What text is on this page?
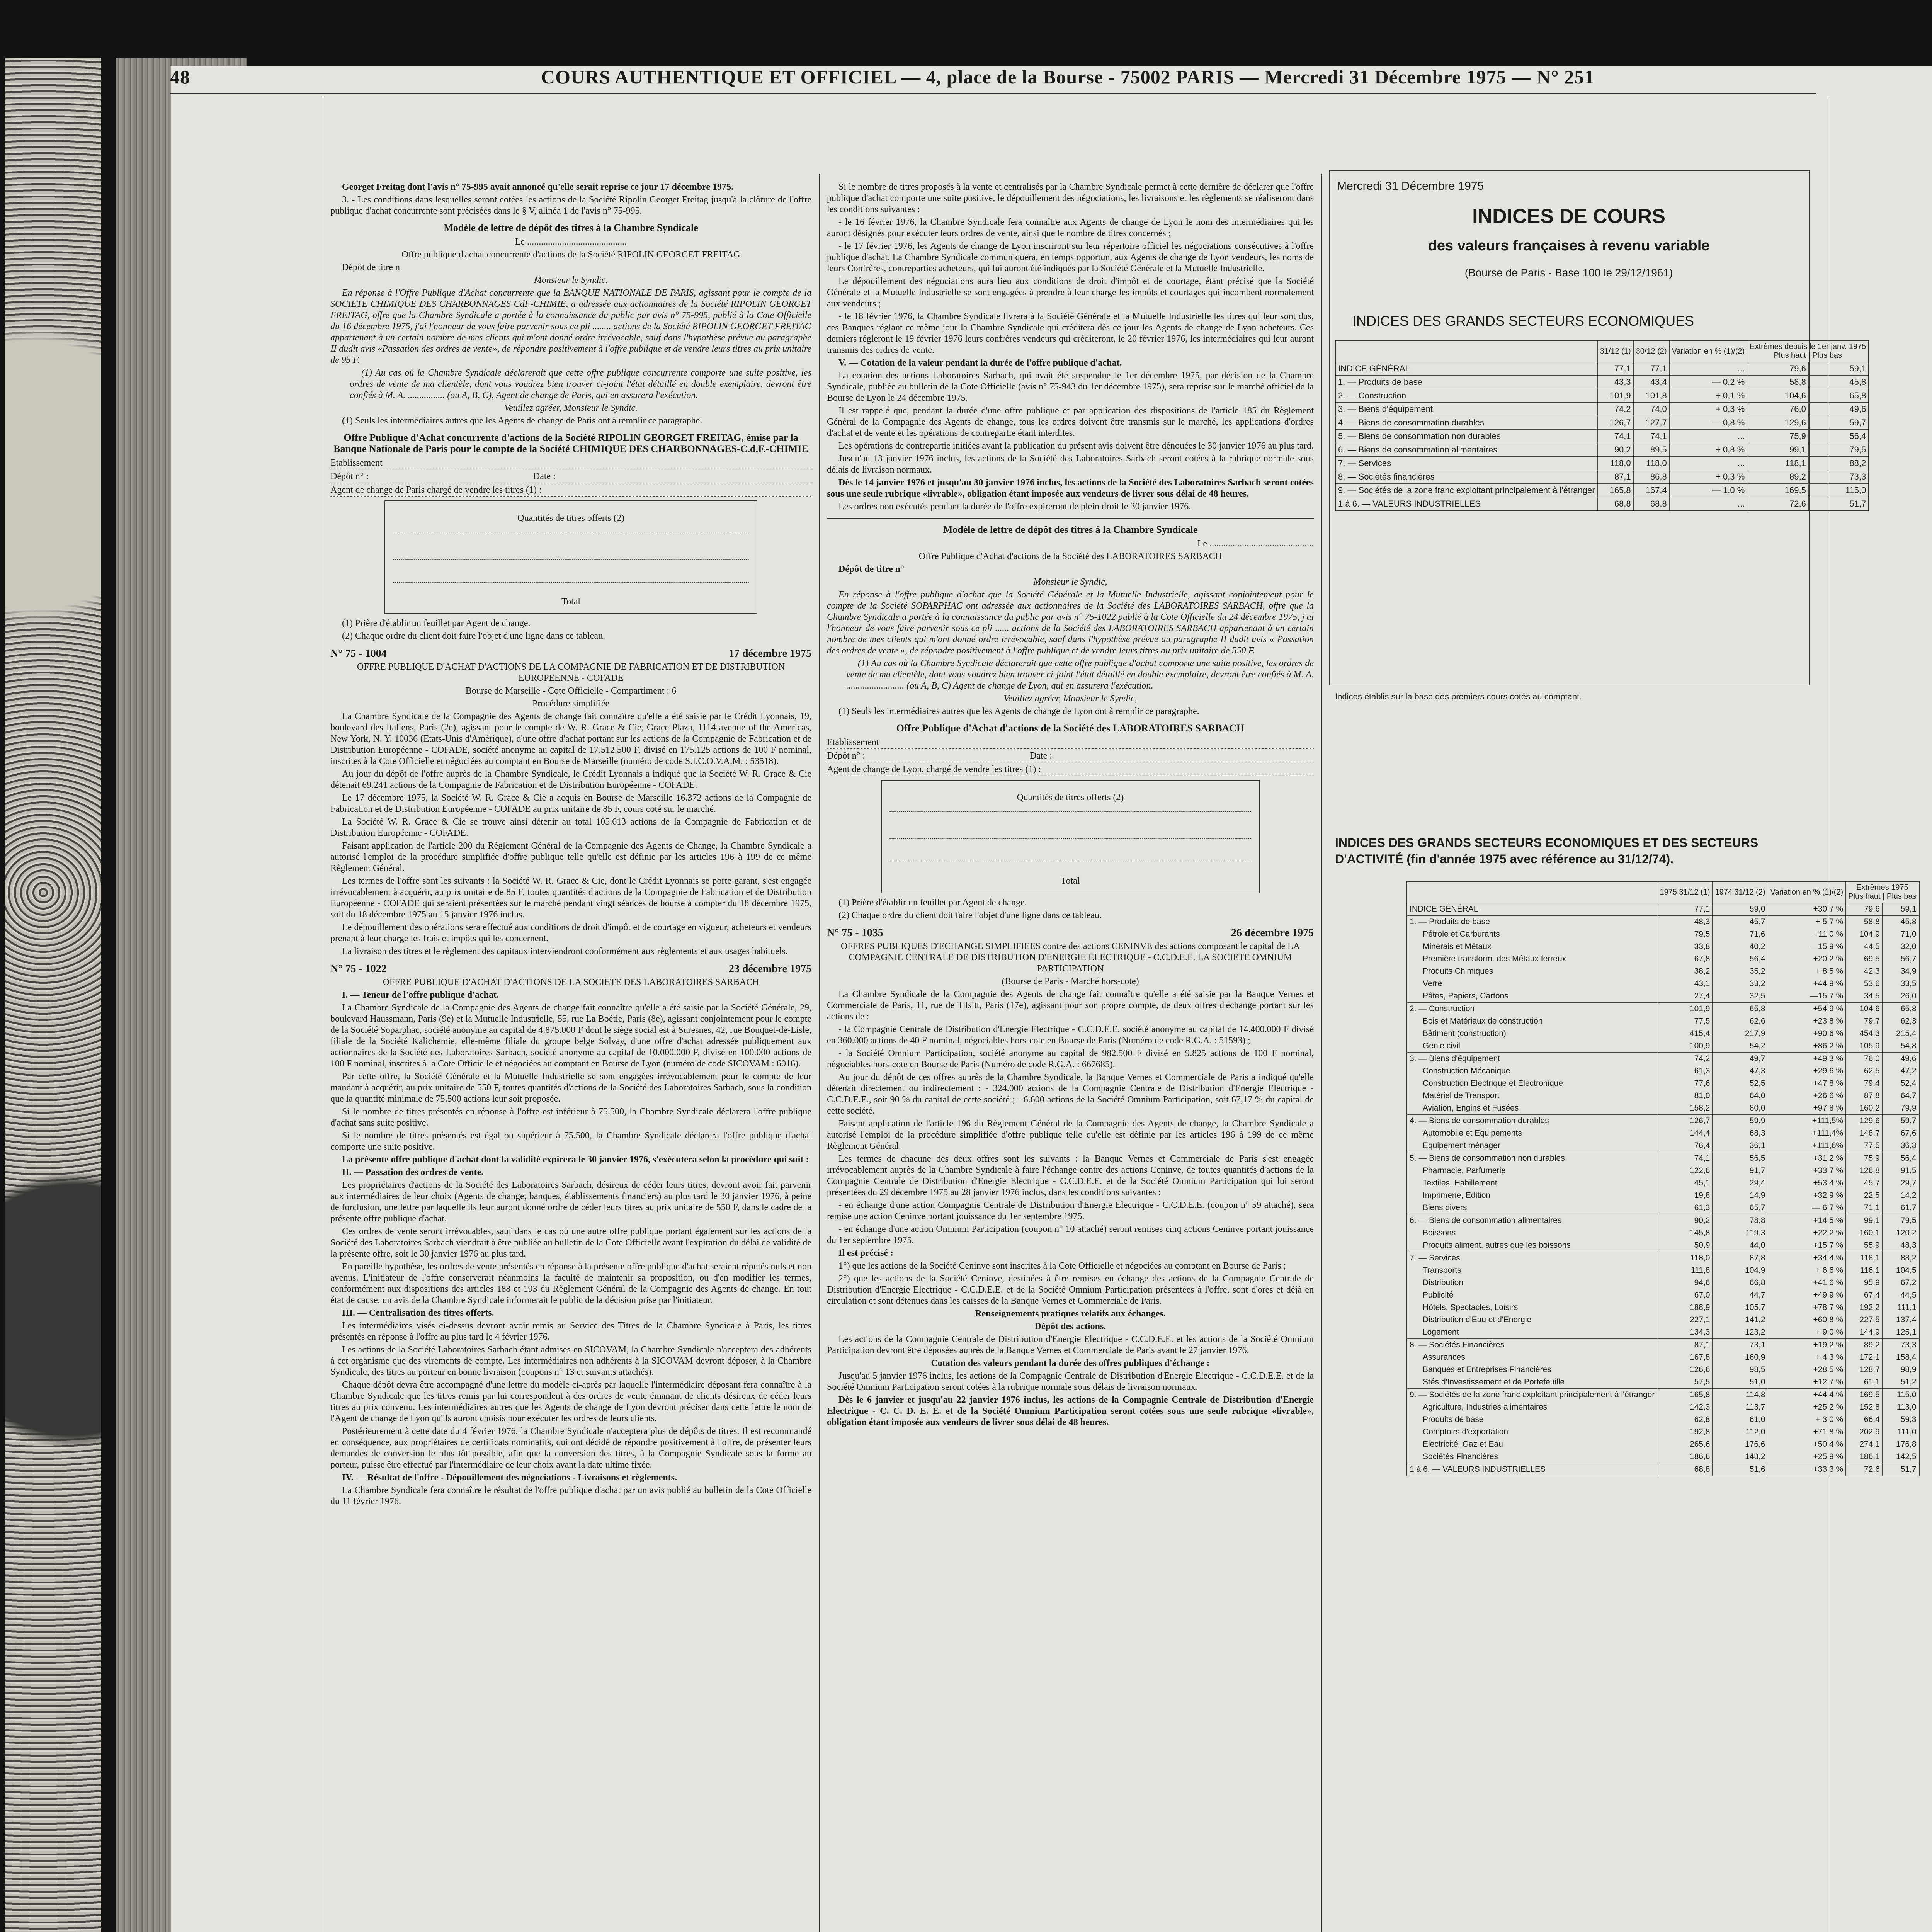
48	COURS AUTHENTIQUE ET OFFICIEL — 4, place de la Bourse - 75002 PARIS — Mercredi 31 Décembre 1975 — N° 251

Georget Freitag dont l'avis n° 75-995 avait annoncé qu'elle serait reprise ce jour 17 décembre 1975.

3. - Les conditions dans lesquelles seront cotées les actions de la Société Ripolin Georget Freitag jusqu'à la clôture de l'offre publique d'achat concurrente sont précisées dans le § V, alinéa 1 de l'avis n° 75-995.

Modèle de lettre de dépôt des titres à la Chambre Syndicale

Le ...........................................

Offre publique d'achat concurrente d'actions de la Société RIPOLIN GEORGET FREITAG

Dépôt de titre n

Monsieur le Syndic,

En réponse à l'Offre Publique d'Achat concurrente que la BANQUE NATIONALE DE PARIS, agissant pour le compte de la SOCIETE CHIMIQUE DES CHARBONNAGES CdF-CHIMIE, a adressée aux actionnaires de la Société RIPOLIN GEORGET FREITAG, offre que la Chambre Syndicale a portée à la connaissance du public par avis n° 75-995, publié à la Cote Officielle du 16 décembre 1975, j'ai l'honneur de vous faire parvenir sous ce pli ........ actions de la Société RIPOLIN GEORGET FREITAG appartenant à un certain nombre de mes clients qui m'ont donné ordre irrévocable, sauf dans l'hypothèse prévue au paragraphe II dudit avis «Passation des ordres de vente», de répondre positivement à l'offre publique et de vendre leurs titres au prix unitaire de 95 F.

(1) Au cas où la Chambre Syndicale déclarerait que cette offre publique concurrente comporte une suite positive, les ordres de vente de ma clientèle, dont vous voudrez bien trouver ci-joint l'état détaillé en double exemplaire, devront être confiés à M. A. ................ (ou A, B, C), Agent de change de Paris, qui en assurera l'exécution.

Veuillez agréer, Monsieur le Syndic.

(1) Seuls les intermédiaires autres que les Agents de change de Paris ont à remplir ce paragraphe.

Offre Publique d'Achat concurrente d'actions de la Société RIPOLIN GEORGET FREITAG, émise par la Banque Nationale de Paris pour le compte de la Société CHIMIQUE DES CHARBONNAGES-C.d.F.-CHIMIE
Etablissement
Dépôt n° :	Date :
Agent de change de Paris chargé de vendre les titres (1) :
Quantités de titres offerts (2)
Total

(1) Prière d'établir un feuillet par Agent de change.

(2) Chaque ordre du client doit faire l'objet d'une ligne dans ce tableau.

N° 75 - 1004	17 décembre 1975

OFFRE PUBLIQUE D'ACHAT D'ACTIONS DE LA COMPAGNIE DE FABRICATION ET DE DISTRIBUTION EUROPEENNE - COFADE

Bourse de Marseille - Cote Officielle - Compartiment : 6

Procédure simplifiée

La Chambre Syndicale de la Compagnie des Agents de change fait connaître qu'elle a été saisie par le Crédit Lyonnais, 19, boulevard des Italiens, Paris (2e), agissant pour le compte de W. R. Grace & Cie, Grace Plaza, 1114 avenue of the Americas, New York, N. Y. 10036 (Etats-Unis d'Amérique), d'une offre d'achat portant sur les actions de la Compagnie de Fabrication et de Distribution Européenne - COFADE, société anonyme au capital de 17.512.500 F, divisé en 175.125 actions de 100 F nominal, inscrites à la Cote Officielle et négociées au comptant en Bourse de Marseille (numéro de code S.I.C.O.V.A.M. : 53518).

Au jour du dépôt de l'offre auprès de la Chambre Syndicale, le Crédit Lyonnais a indiqué que la Société W. R. Grace & Cie détenait 69.241 actions de la Compagnie de Fabrication et de Distribution Européenne - COFADE.

Le 17 décembre 1975, la Société W. R. Grace & Cie a acquis en Bourse de Marseille 16.372 actions de la Compagnie de Fabrication et de Distribution Européenne - COFADE au prix unitaire de 85 F, cours coté sur le marché.

La Société W. R. Grace & Cie se trouve ainsi détenir au total 105.613 actions de la Compagnie de Fabrication et de Distribution Européenne - COFADE.

Faisant application de l'article 200 du Règlement Général de la Compagnie des Agents de Change, la Chambre Syndicale a autorisé l'emploi de la procédure simplifiée d'offre publique telle qu'elle est définie par les articles 196 à 199 de ce même Règlement Général.

Les termes de l'offre sont les suivants : la Société W. R. Grace & Cie, dont le Crédit Lyonnais se porte garant, s'est engagée irrévocablement à acquérir, au prix unitaire de 85 F, toutes quantités d'actions de la Compagnie de Fabrication et de Distribution Européenne - COFADE qui seraient présentées sur le marché pendant vingt séances de bourse à compter du 18 décembre 1975, soit du 18 décembre 1975 au 15 janvier 1976 inclus.

Le dépouillement des opérations sera effectué aux conditions de droit d'impôt et de courtage en vigueur, acheteurs et vendeurs prenant à leur charge les frais et impôts qui les concernent.

La livraison des titres et le règlement des capitaux interviendront conformément aux règlements et aux usages habituels.

N° 75 - 1022	23 décembre 1975

OFFRE PUBLIQUE D'ACHAT D'ACTIONS DE LA SOCIETE DES LABORATOIRES SARBACH

I. — Teneur de l'offre publique d'achat.

La Chambre Syndicale de la Compagnie des Agents de change fait connaître qu'elle a été saisie par la Société Générale, 29, boulevard Haussmann, Paris (9e) et la Mutuelle Industrielle, 55, rue La Boétie, Paris (8e), agissant conjointement pour le compte de la Société Soparphac, société anonyme au capital de 4.875.000 F dont le siège social est à Suresnes, 42, rue Bouquet-de-Lisle, filiale de la Société Kalichemie, elle-même filiale du groupe belge Solvay, d'une offre d'achat adressée publiquement aux actionnaires de la Société des Laboratoires Sarbach, société anonyme au capital de 10.000.000 F, divisé en 100.000 actions de 100 F nominal, inscrites à la Cote Officielle et négociées au comptant en Bourse de Lyon (numéro de code SICOVAM : 6016).

Par cette offre, la Société Générale et la Mutuelle Industrielle se sont engagées irrévocablement pour le compte de leur mandant à acquérir, au prix unitaire de 550 F, toutes quantités d'actions de la Société des Laboratoires Sarbach, sous la condition que la quantité minimale de 75.500 actions leur soit proposée.

Si le nombre de titres présentés en réponse à l'offre est inférieur à 75.500, la Chambre Syndicale déclarera l'offre publique d'achat sans suite positive.

Si le nombre de titres présentés est égal ou supérieur à 75.500, la Chambre Syndicale déclarera l'offre publique d'achat comporte une suite positive.

La présente offre publique d'achat dont la validité expirera le 30 janvier 1976, s'exécutera selon la procédure qui suit :

II. — Passation des ordres de vente.

Les propriétaires d'actions de la Société des Laboratoires Sarbach, désireux de céder leurs titres, devront avoir fait parvenir aux intermédiaires de leur choix (Agents de change, banques, établissements financiers) au plus tard le 30 janvier 1976, à peine de forclusion, une lettre par laquelle ils leur auront donné ordre de céder leurs titres au prix unitaire de 550 F, dans le cadre de la présente offre publique d'achat.

Ces ordres de vente seront irrévocables, sauf dans le cas où une autre offre publique portant également sur les actions de la Société des Laboratoires Sarbach viendrait à être publiée au bulletin de la Cote Officielle avant l'expiration du délai de validité de la présente offre, soit le 30 janvier 1976 au plus tard.

En pareille hypothèse, les ordres de vente présentés en réponse à la présente offre publique d'achat seraient réputés nuls et non avenus. L'initiateur de l'offre conserverait néanmoins la faculté de maintenir sa proposition, ou d'en modifier les termes, conformément aux dispositions des articles 188 et 193 du Règlement Général de la Compagnie des Agents de change. En tout état de cause, un avis de la Chambre Syndicale informerait le public de la décision prise par l'initiateur.

III. — Centralisation des titres offerts.

Les intermédiaires visés ci-dessus devront avoir remis au Service des Titres de la Chambre Syndicale à Paris, les titres présentés en réponse à l'offre au plus tard le 4 février 1976.

Les actions de la Société Laboratoires Sarbach étant admises en SICOVAM, la Chambre Syndicale n'acceptera des adhérents à cet organisme que des virements de compte. Les intermédiaires non adhérents à la SICOVAM devront déposer, à la Chambre Syndicale, des titres au porteur en bonne livraison (coupons n° 13 et suivants attachés).

Chaque dépôt devra être accompagné d'une lettre du modèle ci-après par laquelle l'intermédiaire déposant fera connaître à la Chambre Syndicale que les titres remis par lui correspondent à des ordres de vente émanant de clients désireux de céder leurs titres au prix convenu. Les intermédiaires autres que les Agents de change de Lyon devront préciser dans cette lettre le nom de l'Agent de change de Lyon qu'ils auront choisis pour exécuter les ordres de leurs clients.

Postérieurement à cette date du 4 février 1976, la Chambre Syndicale n'acceptera plus de dépôts de titres. Il est recommandé en conséquence, aux propriétaires de certificats nominatifs, qui ont décidé de répondre positivement à l'offre, de présenter leurs demandes de conversion le plus tôt possible, afin que la conversion des titres, à la Compagnie Syndicale sous la forme au porteur, puisse être effectué par l'intermédiaire de leur choix avant la date ultime fixée.

IV. — Résultat de l'offre - Dépouillement des négociations - Livraisons et règlements.

La Chambre Syndicale fera connaître le résultat de l'offre publique d'achat par un avis publié au bulletin de la Cote Officielle du 11 février 1976.

Si le nombre de titres proposés à la vente et centralisés par la Chambre Syndicale permet à cette dernière de déclarer que l'offre publique d'achat comporte une suite positive, le dépouillement des négociations, les livraisons et les règlements se réaliseront dans les conditions suivantes :

- le 16 février 1976, la Chambre Syndicale fera connaître aux Agents de change de Lyon le nom des intermédiaires qui les auront désignés pour exécuter leurs ordres de vente, ainsi que le nombre de titres concernés ;

- le 17 février 1976, les Agents de change de Lyon inscriront sur leur répertoire officiel les négociations consécutives à l'offre publique d'achat. La Chambre Syndicale communiquera, en temps opportun, aux Agents de change de Lyon vendeurs, les noms de leurs Confrères, contreparties acheteurs, qui lui auront été indiqués par la Société Générale et la Mutuelle Industrielle.

Le dépouillement des négociations aura lieu aux conditions de droit d'impôt et de courtage, étant précisé que la Société Générale et la Mutuelle Industrielle se sont engagées à prendre à leur charge les impôts et courtages qui incombent normalement aux vendeurs ;

- le 18 février 1976, la Chambre Syndicale livrera à la Société Générale et la Mutuelle Industrielle les titres qui leur sont dus, ces Banques réglant ce même jour la Chambre Syndicale qui créditera dès ce jour les Agents de change de Lyon acheteurs. Ces derniers régleront le 19 février 1976 leurs confrères vendeurs qui créditeront, le 20 février 1976, les intermédiaires qui leur auront transmis des ordres de vente.

V. — Cotation de la valeur pendant la durée de l'offre publique d'achat.

La cotation des actions Laboratoires Sarbach, qui avait été suspendue le 1er décembre 1975, par décision de la Chambre Syndicale, publiée au bulletin de la Cote Officielle (avis n° 75-943 du 1er décembre 1975), sera reprise sur le marché officiel de la Bourse de Lyon le 24 décembre 1975.

Il est rappelé que, pendant la durée d'une offre publique et par application des dispositions de l'article 185 du Règlement Général de la Compagnie des Agents de change, tous les ordres doivent être transmis sur le marché, les applications d'ordres d'achat et de vente et les opérations de contrepartie étant interdites.

Les opérations de contrepartie initiées avant la publication du présent avis doivent être dénouées le 30 janvier 1976 au plus tard.

Jusqu'au 13 janvier 1976 inclus, les actions de la Société des Laboratoires Sarbach seront cotées à la rubrique normale sous délais de livraison normaux.

Dès le 14 janvier 1976 et jusqu'au 30 janvier 1976 inclus, les actions de la Société des Laboratoires Sarbach seront cotées sous une seule rubrique «livrable», obligation étant imposée aux vendeurs de livrer sous délai de 48 heures.

Les ordres non exécutés pendant la durée de l'offre expireront de plein droit le 30 janvier 1976.

Modèle de lettre de dépôt des titres à la Chambre Syndicale

Le .............................................

Offre Publique d'Achat d'actions de la Société des LABORATOIRES SARBACH

Dépôt de titre n°

Monsieur le Syndic,

En réponse à l'offre publique d'achat que la Société Générale et la Mutuelle Industrielle, agissant conjointement pour le compte de la Société SOPARPHAC ont adressée aux actionnaires de la Société des LABORATOIRES SARBACH, offre que la Chambre Syndicale a portée à la connaissance du public par avis n° 75-1022 publié à la Cote Officielle du 24 décembre 1975, j'ai l'honneur de vous faire parvenir sous ce pli ...... actions de la Société des LABORATOIRES SARBACH appartenant à un certain nombre de mes clients qui m'ont donné ordre irrévocable, sauf dans l'hypothèse prévue au paragraphe II dudit avis « Passation des ordres de vente », de répondre positivement à l'offre publique et de vendre leurs titres au prix unitaire de 550 F.

(1) Au cas où la Chambre Syndicale déclarerait que cette offre publique d'achat comporte une suite positive, les ordres de vente de ma clientèle, dont vous voudrez bien trouver ci-joint l'état détaillé en double exemplaire, devront être confiés à M. A. ......................... (ou A, B, C) Agent de change de Lyon, qui en assurera l'exécution.

Veuillez agréer, Monsieur le Syndic,

(1) Seuls les intermédiaires autres que les Agents de change de Lyon ont à remplir ce paragraphe.

Offre Publique d'Achat d'actions de la Société des LABORATOIRES SARBACH
Etablissement
Dépôt n° :	Date :
Agent de change de Lyon, chargé de vendre les titres (1) :
Quantités de titres offerts (2)
Total

(1) Prière d'établir un feuillet par Agent de change.

(2) Chaque ordre du client doit faire l'objet d'une ligne dans ce tableau.

N° 75 - 1035	26 décembre 1975

OFFRES PUBLIQUES D'ECHANGE SIMPLIFIEES contre des actions CENINVE des actions composant le capital de LA COMPAGNIE CENTRALE DE DISTRIBUTION D'ENERGIE ELECTRIQUE - C.C.D.E.E. LA SOCIETE OMNIUM PARTICIPATION

(Bourse de Paris - Marché hors-cote)

La Chambre Syndicale de la Compagnie des Agents de change fait connaître qu'elle a été saisie par la Banque Vernes et Commerciale de Paris, 11, rue de Tilsitt, Paris (17e), agissant pour son propre compte, de deux offres d'échange portant sur les actions de :

- la Compagnie Centrale de Distribution d'Energie Electrique - C.C.D.E.E. société anonyme au capital de 14.400.000 F divisé en 360.000 actions de 40 F nominal, négociables hors-cote en Bourse de Paris (Numéro de code R.G.A. : 51593) ;

- la Société Omnium Participation, société anonyme au capital de 982.500 F divisé en 9.825 actions de 100 F nominal, négociables hors-cote en Bourse de Paris (Numéro de code R.G.A. : 667685).

Au jour du dépôt de ces offres auprès de la Chambre Syndicale, la Banque Vernes et Commerciale de Paris a indiqué qu'elle détenait directement ou indirectement : - 324.000 actions de la Compagnie Centrale de Distribution d'Energie Electrique - C.C.D.E.E., soit 90 % du capital de cette société ; - 6.600 actions de la Société Omnium Participation, soit 67,17 % du capital de cette société.

Faisant application de l'article 196 du Règlement Général de la Compagnie des Agents de change, la Chambre Syndicale a autorisé l'emploi de la procédure simplifiée d'offre publique telle qu'elle est définie par les articles 196 à 199 de ce même Règlement Général.

Les termes de chacune des deux offres sont les suivants : la Banque Vernes et Commerciale de Paris s'est engagée irrévocablement auprès de la Chambre Syndicale à faire l'échange contre des actions Ceninve, de toutes quantités d'actions de la Compagnie Centrale de Distribution d'Energie Electrique - C.C.D.E.E. et de la Société Omnium Participation qui lui seront présentées du 29 décembre 1975 au 28 janvier 1976 inclus, dans les conditions suivantes :

- en échange d'une action Compagnie Centrale de Distribution d'Energie Electrique - C.C.D.E.E. (coupon n° 59 attaché), sera remise une action Ceninve portant jouissance du 1er septembre 1975.

- en échange d'une action Omnium Participation (coupon n° 10 attaché) seront remises cinq actions Ceninve portant jouissance du 1er septembre 1975.

Il est précisé :

1°) que les actions de la Société Ceninve sont inscrites à la Cote Officielle et négociées au comptant en Bourse de Paris ;

2°) que les actions de la Société Ceninve, destinées à être remises en échange des actions de la Compagnie Centrale de Distribution d'Energie Electrique - C.C.D.E.E. et de la Société Omnium Participation présentées à l'offre, sont d'ores et déjà en circulation et sont détenues dans les caisses de la Banque Vernes et Commerciale de Paris.

Renseignements pratiques relatifs aux échanges.

Dépôt des actions.

Les actions de la Compagnie Centrale de Distribution d'Energie Electrique - C.C.D.E.E. et les actions de la Société Omnium Participation devront être déposées auprès de la Banque Vernes et Commerciale de Paris avant le 27 janvier 1976.

Cotation des valeurs pendant la durée des offres publiques d'échange :

Jusqu'au 5 janvier 1976 inclus, les actions de la Compagnie Centrale de Distribution d'Energie Electrique - C.C.D.E.E. et de la Société Omnium Participation seront cotées à la rubrique normale sous délais de livraison normaux.

Dès le 6 janvier et jusqu'au 22 janvier 1976 inclus, les actions de la Compagnie Centrale de Distribution d'Energie Electrique - C. C. D. E. E. et de la Société Omnium Participation seront cotées sous une seule rubrique «livrable», obligation étant imposée aux vendeurs de livrer sous délai de 48 heures.

Mercredi 31 Décembre 1975
INDICES DE COURS
des valeurs françaises à revenu variable
(Bourse de Paris - Base 100 le 29/12/1961)
INDICES DES GRANDS SECTEURS ECONOMIQUES
	31/12 (1)	30/12 (2)	Variation en % (1)/(2)	Extrêmes depuis le 1er janv. 1975
Plus haut | Plus bas	

INDICE GÉNÉRAL	77,1	77,1	...	79,6	59,1
1. — Produits de base	43,3	43,4	— 0,2 %	58,8	45,8
2. — Construction	101,9	101,8	+ 0,1 %	104,6	65,8
3. — Biens d'équipement	74,2	74,0	+ 0,3 %	76,0	49,6
4. — Biens de consommation durables	126,7	127,7	— 0,8 %	129,6	59,7
5. — Biens de consommation non durables	74,1	74,1	...	75,9	56,4
6. — Biens de consommation alimentaires	90,2	89,5	+ 0,8 %	99,1	79,5
7. — Services	118,0	118,0	...	118,1	88,2
8. — Sociétés financières	87,1	86,8	+ 0,3 %	89,2	73,3
9. — Sociétés de la zone franc exploitant principalement à l'étranger	165,8	167,4	— 1,0 %	169,5	115,0
1 à 6. — VALEURS INDUSTRIELLES	68,8	68,8	...	72,6	51,7
Indices établis sur la base des premiers cours cotés au comptant.
INDICES DES GRANDS SECTEURS ECONOMIQUES ET DES SECTEURS D'ACTIVITÉ (fin d'année 1975 avec référence au 31/12/74).
	1975 31/12 (1)	1974 31/12 (2)	Variation en % (1)/(2)	Extrêmes 1975
Plus haut | Plus bas	

INDICE GÉNÉRAL	77,1	59,0	+30,7 %	79,6	59,1
1. — Produits de base	48,3	45,7	+ 5,7 %	58,8	45,8
Pétrole et Carburants	79,5	71,6	+11,0 %	104,9	71,0
Minerais et Métaux	33,8	40,2	—15,9 %	44,5	32,0
Première transform. des Métaux ferreux	67,8	56,4	+20,2 %	69,5	56,7
Produits Chimiques	38,2	35,2	+ 8,5 %	42,3	34,9
Verre	43,1	33,2	+44,9 %	53,6	33,5
Pâtes, Papiers, Cartons	27,4	32,5	—15,7 %	34,5	26,0
2. — Construction	101,9	65,8	+54,9 %	104,6	65,8
Bois et Matériaux de construction	77,5	62,6	+23,8 %	79,7	62,3
Bâtiment (construction)	415,4	217,9	+90,6 %	454,3	215,4
Génie civil	100,9	54,2	+86,2 %	105,9	54,8
3. — Biens d'équipement	74,2	49,7	+49,3 %	76,0	49,6
Construction Mécanique	61,3	47,3	+29,6 %	62,5	47,2
Construction Electrique et Electronique	77,6	52,5	+47,8 %	79,4	52,4
Matériel de Transport	81,0	64,0	+26,6 %	87,8	64,7
Aviation, Engins et Fusées	158,2	80,0	+97,8 %	160,2	79,9
4. — Biens de consommation durables	126,7	59,9	+111,5%	129,6	59,7
Automobile et Equipements	144,4	68,3	+111,4%	148,7	67,6
Equipement ménager	76,4	36,1	+111,6%	77,5	36,3
5. — Biens de consommation non durables	74,1	56,5	+31,2 %	75,9	56,4
Pharmacie, Parfumerie	122,6	91,7	+33,7 %	126,8	91,5
Textiles, Habillement	45,1	29,4	+53,4 %	45,7	29,7
Imprimerie, Edition	19,8	14,9	+32,9 %	22,5	14,2
Biens divers	61,3	65,7	— 6,7 %	71,1	61,7
6. — Biens de consommation alimentaires	90,2	78,8	+14,5 %	99,1	79,5
Boissons	145,8	119,3	+22,2 %	160,1	120,2
Produits aliment. autres que les boissons	50,9	44,0	+15,7 %	55,9	48,3
7. — Services	118,0	87,8	+34,4 %	118,1	88,2
Transports	111,8	104,9	+ 6,6 %	116,1	104,5
Distribution	94,6	66,8	+41,6 %	95,9	67,2
Publicité	67,0	44,7	+49,9 %	67,4	44,5
Hôtels, Spectacles, Loisirs	188,9	105,7	+78,7 %	192,2	111,1
Distribution d'Eau et d'Energie	227,1	141,2	+60,8 %	227,5	137,4
Logement	134,3	123,2	+ 9,0 %	144,9	125,1
8. — Sociétés Financières	87,1	73,1	+19,2 %	89,2	73,3
Assurances	167,8	160,9	+ 4,3 %	172,1	158,4
Banques et Entreprises Financières	126,6	98,5	+28,5 %	128,7	98,9
Stés d'Investissement et de Portefeuille	57,5	51,0	+12,7 %	61,1	51,2
9. — Sociétés de la zone franc exploitant principalement à l'étranger	165,8	114,8	+44,4 %	169,5	115,0
Agriculture, Industries alimentaires	142,3	113,7	+25,2 %	152,8	113,0
Produits de base	62,8	61,0	+ 3,0 %	66,4	59,3
Comptoirs d'exportation	192,8	112,0	+71,8 %	202,9	111,0
Electricité, Gaz et Eau	265,6	176,6	+50,4 %	274,1	176,8
Sociétés Financières	186,6	148,2	+25,9 %	186,1	142,5
1 à 6. — VALEURS INDUSTRIELLES	68,8	51,6	+33,3 %	72,6	51,7
